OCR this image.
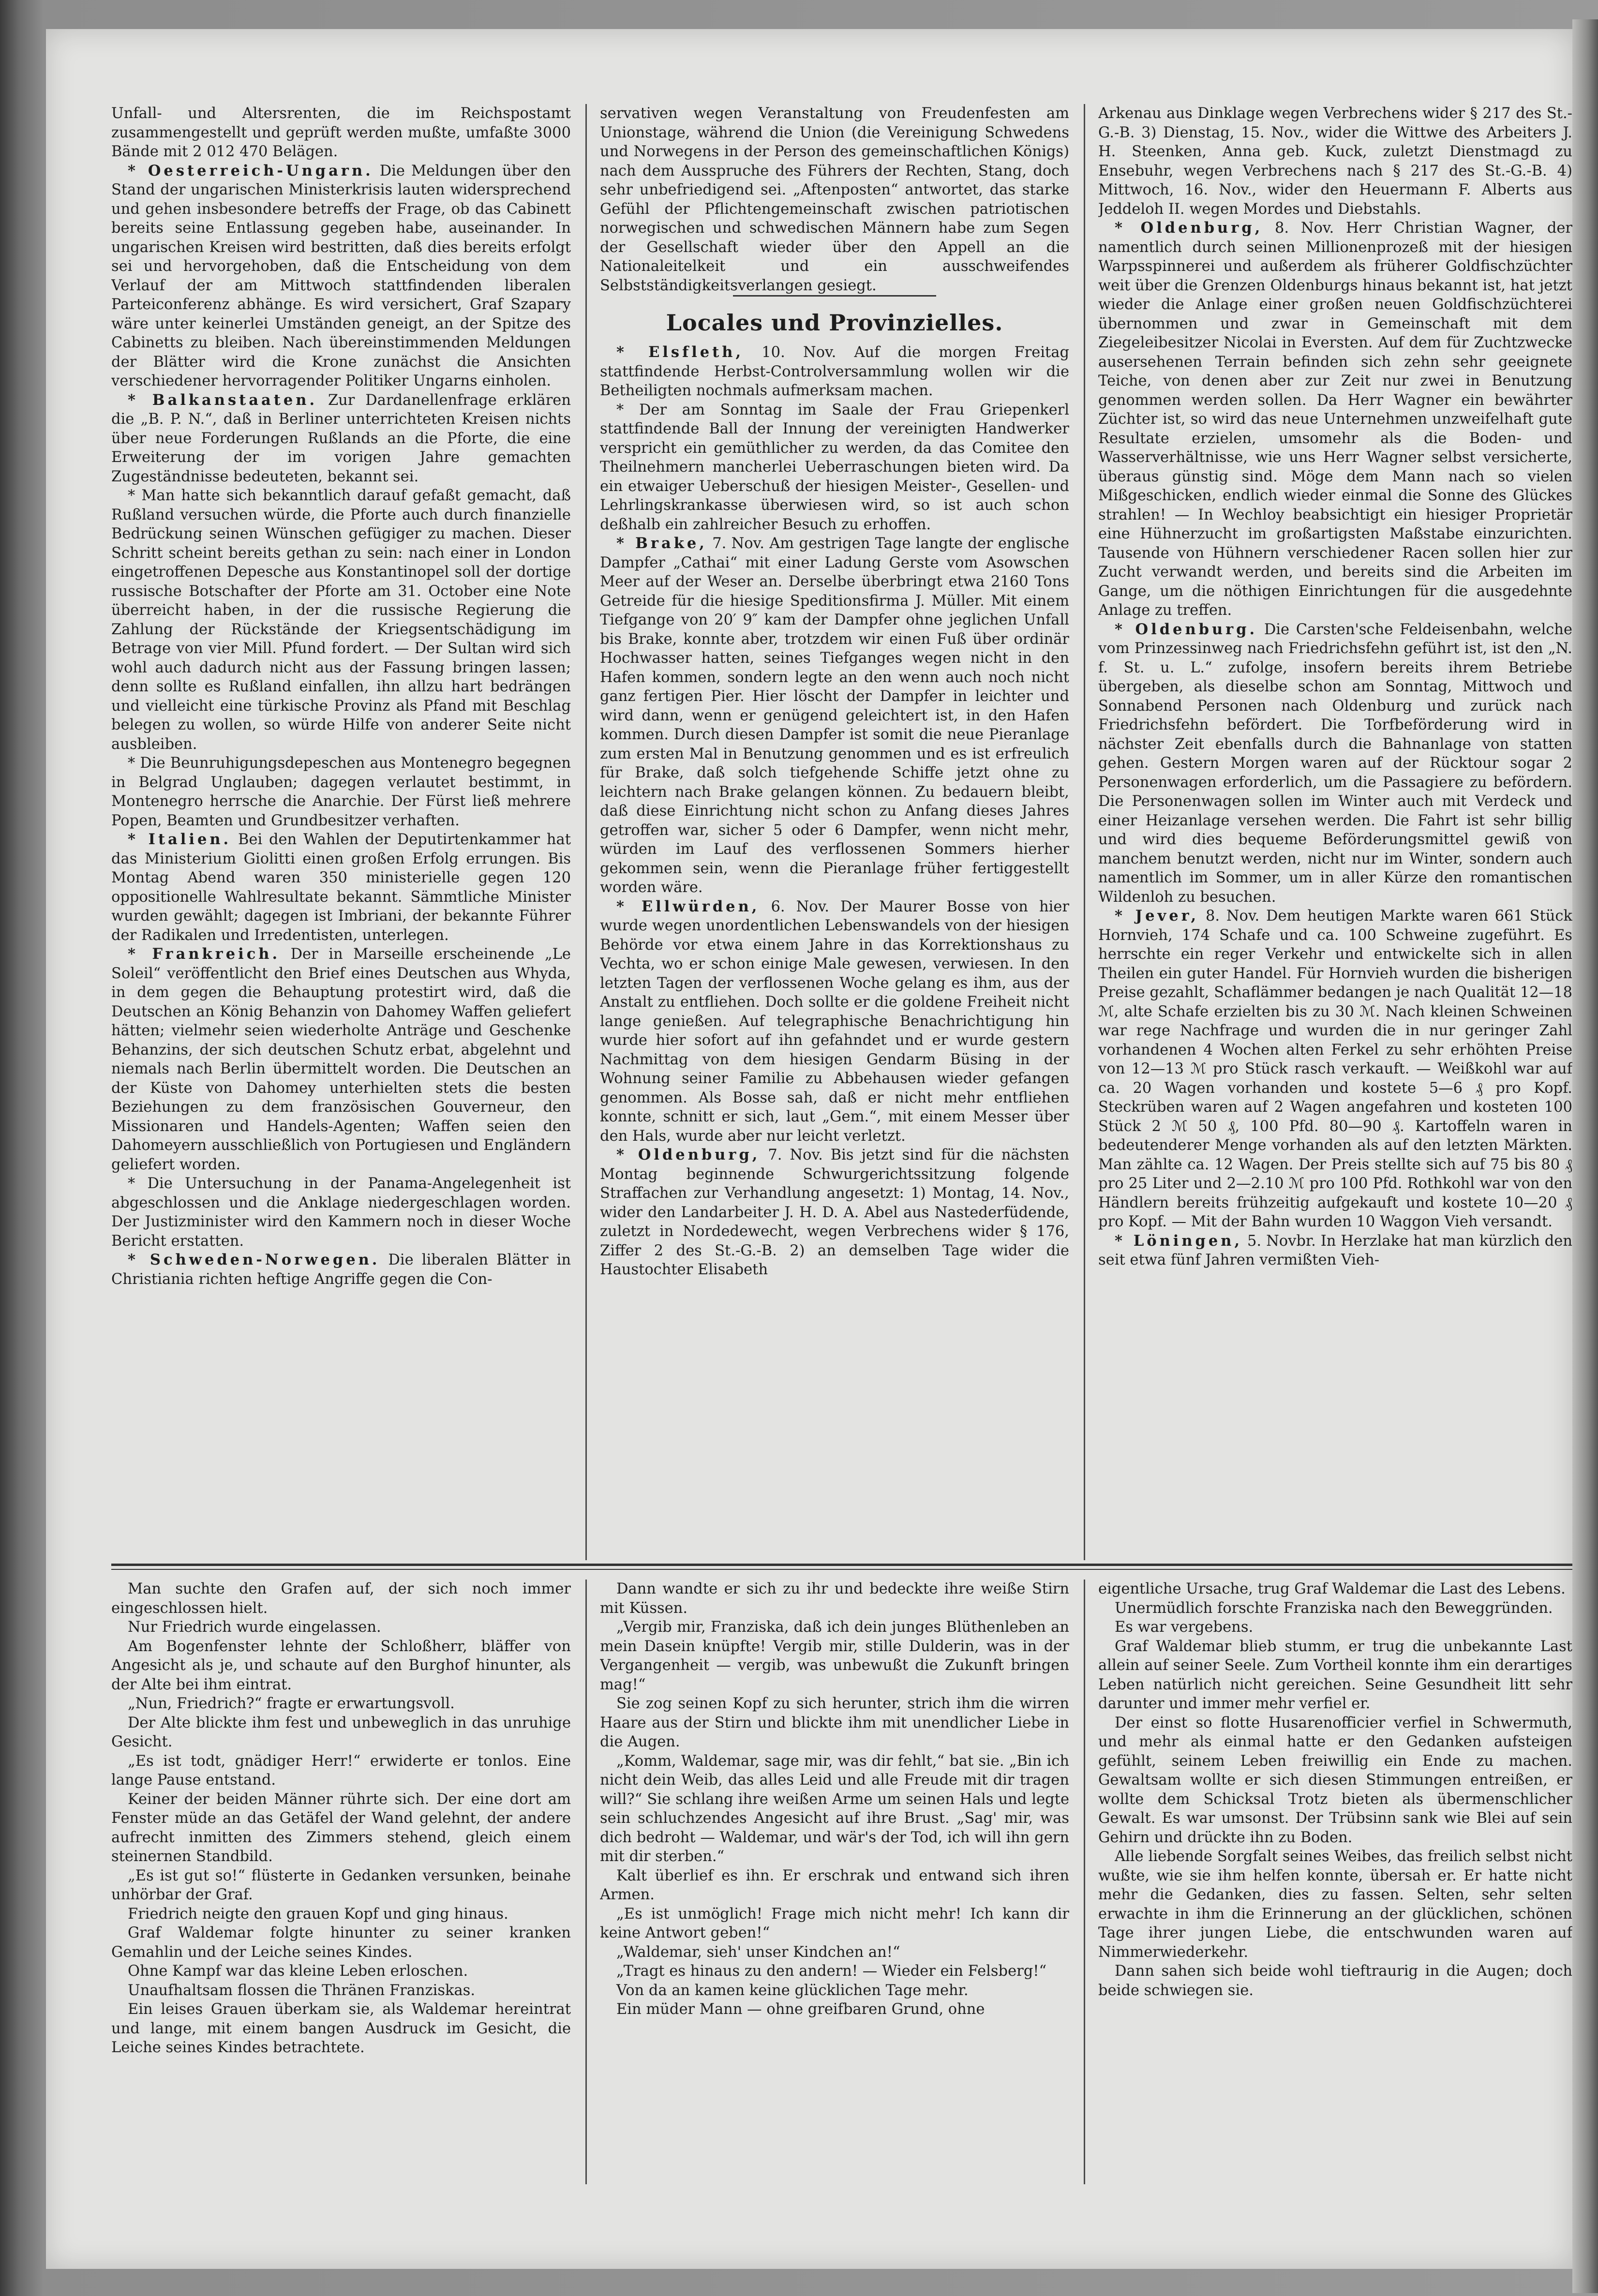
Unfall- und Altersrenten, die im Reichspostamt zusammengestellt und geprüft werden mußte, umfaßte 3000 Bände mit 2 012 470 Belägen.

* Oesterreich-Ungarn. Die Meldungen über den Stand der ungarischen Ministerkrisis lauten widersprechend und gehen insbesondere betreffs der Frage, ob das Cabinett bereits seine Entlassung gegeben habe, auseinander. In ungarischen Kreisen wird bestritten, daß dies bereits erfolgt sei und hervorgehoben, daß die Entscheidung von dem Verlauf der am Mittwoch stattfindenden liberalen Parteiconferenz abhänge. Es wird versichert, Graf Szapary wäre unter keinerlei Umständen geneigt, an der Spitze des Cabinetts zu bleiben. Nach übereinstimmenden Meldungen der Blätter wird die Krone zunächst die Ansichten verschiedener hervorragender Politiker Ungarns einholen.

* Balkanstaaten. Zur Dardanellenfrage erklären die „B. P. N.“, daß in Berliner unterrichteten Kreisen nichts über neue Forderungen Rußlands an die Pforte, die eine Erweiterung der im vorigen Jahre gemachten Zugeständnisse bedeuteten, bekannt sei.

* Man hatte sich bekanntlich darauf gefaßt gemacht, daß Rußland versuchen würde, die Pforte auch durch finanzielle Bedrückung seinen Wünschen gefügiger zu machen. Dieser Schritt scheint bereits gethan zu sein: nach einer in London eingetroffenen Depesche aus Konstantinopel soll der dortige russische Botschafter der Pforte am 31. October eine Note überreicht haben, in der die russische Regierung die Zahlung der Rückstände der Kriegsentschädigung im Betrage von vier Mill. Pfund fordert. — Der Sultan wird sich wohl auch dadurch nicht aus der Fassung bringen lassen; denn sollte es Rußland einfallen, ihn allzu hart bedrängen und vielleicht eine türkische Provinz als Pfand mit Beschlag belegen zu wollen, so würde Hilfe von anderer Seite nicht ausbleiben.

* Die Beunruhigungsdepeschen aus Montenegro begegnen in Belgrad Unglauben; dagegen verlautet bestimmt, in Montenegro herrsche die Anarchie. Der Fürst ließ mehrere Popen, Beamten und Grundbesitzer verhaften.

* Italien. Bei den Wahlen der Deputirtenkammer hat das Ministerium Giolitti einen großen Erfolg errungen. Bis Montag Abend waren 350 ministerielle gegen 120 oppositionelle Wahlresultate bekannt. Sämmtliche Minister wurden gewählt; dagegen ist Imbriani, der bekannte Führer der Radikalen und Irredentisten, unterlegen.

* Frankreich. Der in Marseille erscheinende „Le Soleil“ veröffentlicht den Brief eines Deutschen aus Whyda, in dem gegen die Behauptung protestirt wird, daß die Deutschen an König Behanzin von Dahomey Waffen geliefert hätten; vielmehr seien wiederholte Anträge und Geschenke Behanzins, der sich deutschen Schutz erbat, abgelehnt und niemals nach Berlin übermittelt worden. Die Deutschen an der Küste von Dahomey unterhielten stets die besten Beziehungen zu dem französischen Gouverneur, den Missionaren und Handels-Agenten; Waffen seien den Dahomeyern ausschließlich von Portugiesen und Engländern geliefert worden.

* Die Untersuchung in der Panama-Angelegenheit ist abgeschlossen und die Anklage niedergeschlagen worden. Der Justizminister wird den Kammern noch in dieser Woche Bericht erstatten.

* Schweden-Norwegen. Die liberalen Blätter in Christiania richten heftige Angriffe gegen die Con-

servativen wegen Veranstaltung von Freudenfesten am Unionstage, während die Union (die Vereinigung Schwedens und Norwegens in der Person des gemeinschaftlichen Königs) nach dem Ausspruche des Führers der Rechten, Stang, doch sehr unbefriedigend sei. „Aftenposten“ antwortet, das starke Gefühl der Pflichtengemeinschaft zwischen patriotischen norwegischen und schwedischen Männern habe zum Segen der Gesellschaft wieder über den Appell an die Nationaleitelkeit und ein ausschweifendes Selbstständigkeitsverlangen gesiegt.

Locales und Provinzielles.

* Elsfleth, 10. Nov. Auf die morgen Freitag stattfindende Herbst-Controlversammlung wollen wir die Betheiligten nochmals aufmerksam machen.

* Der am Sonntag im Saale der Frau Griepenkerl stattfindende Ball der Innung der vereinigten Handwerker verspricht ein gemüthlicher zu werden, da das Comitee den Theilnehmern mancherlei Ueberraschungen bieten wird. Da ein etwaiger Ueberschuß der hiesigen Meister-, Gesellen- und Lehrlingskrankasse überwiesen wird, so ist auch schon deßhalb ein zahlreicher Besuch zu erhoffen.

* Brake, 7. Nov. Am gestrigen Tage langte der englische Dampfer „Cathai“ mit einer Ladung Gerste vom Asowschen Meer auf der Weser an. Derselbe überbringt etwa 2160 Tons Getreide für die hiesige Speditionsfirma J. Müller. Mit einem Tiefgange von 20′ 9″ kam der Dampfer ohne jeglichen Unfall bis Brake, konnte aber, trotzdem wir einen Fuß über ordinär Hochwasser hatten, seines Tiefganges wegen nicht in den Hafen kommen, sondern legte an den wenn auch noch nicht ganz fertigen Pier. Hier löscht der Dampfer in leichter und wird dann, wenn er genügend geleichtert ist, in den Hafen kommen. Durch diesen Dampfer ist somit die neue Pieranlage zum ersten Mal in Benutzung genommen und es ist erfreulich für Brake, daß solch tiefgehende Schiffe jetzt ohne zu leichtern nach Brake gelangen können. Zu bedauern bleibt, daß diese Einrichtung nicht schon zu Anfang dieses Jahres getroffen war, sicher 5 oder 6 Dampfer, wenn nicht mehr, würden im Lauf des verflossenen Sommers hierher gekommen sein, wenn die Pieranlage früher fertiggestellt worden wäre.

* Ellwürden, 6. Nov. Der Maurer Bosse von hier wurde wegen unordentlichen Lebenswandels von der hiesigen Behörde vor etwa einem Jahre in das Korrektionshaus zu Vechta, wo er schon einige Male gewesen, verwiesen. In den letzten Tagen der verflossenen Woche gelang es ihm, aus der Anstalt zu entfliehen. Doch sollte er die goldene Freiheit nicht lange genießen. Auf telegraphische Benachrichtigung hin wurde hier sofort auf ihn gefahndet und er wurde gestern Nachmittag von dem hiesigen Gendarm Büsing in der Wohnung seiner Familie zu Abbehausen wieder gefangen genommen. Als Bosse sah, daß er nicht mehr entfliehen konnte, schnitt er sich, laut „Gem.“, mit einem Messer über den Hals, wurde aber nur leicht verletzt.

* Oldenburg, 7. Nov. Bis jetzt sind für die nächsten Montag beginnende Schwurgerichtssitzung folgende Straffachen zur Verhandlung angesetzt: 1) Montag, 14. Nov., wider den Landarbeiter J. H. D. A. Abel aus Nastederfüdende, zuletzt in Nordedewecht, wegen Verbrechens wider § 176, Ziffer 2 des St.-G.-B. 2) an demselben Tage wider die Haustochter Elisabeth

Arkenau aus Dinklage wegen Verbrechens wider § 217 des St.-G.-B. 3) Dienstag, 15. Nov., wider die Wittwe des Arbeiters J. H. Steenken, Anna geb. Kuck, zuletzt Dienstmagd zu Ensebuhr, wegen Verbrechens nach § 217 des St.-G.-B. 4) Mittwoch, 16. Nov., wider den Heuermann F. Alberts aus Jeddeloh II. wegen Mordes und Diebstahls.

* Oldenburg, 8. Nov. Herr Christian Wagner, der namentlich durch seinen Millionenprozeß mit der hiesigen Warpsspinnerei und außerdem als früherer Goldfischzüchter weit über die Grenzen Oldenburgs hinaus bekannt ist, hat jetzt wieder die Anlage einer großen neuen Goldfischzüchterei übernommen und zwar in Gemeinschaft mit dem Ziegeleibesitzer Nicolai in Eversten. Auf dem für Zuchtzwecke ausersehenen Terrain befinden sich zehn sehr geeignete Teiche, von denen aber zur Zeit nur zwei in Benutzung genommen werden sollen. Da Herr Wagner ein bewährter Züchter ist, so wird das neue Unternehmen unzweifelhaft gute Resultate erzielen, umsomehr als die Boden- und Wasserverhältnisse, wie uns Herr Wagner selbst versicherte, überaus günstig sind. Möge dem Mann nach so vielen Mißgeschicken, endlich wieder einmal die Sonne des Glückes strahlen! — In Wechloy beabsichtigt ein hiesiger Proprietär eine Hühnerzucht im großartigsten Maßstabe einzurichten. Tausende von Hühnern verschiedener Racen sollen hier zur Zucht verwandt werden, und bereits sind die Arbeiten im Gange, um die nöthigen Einrichtungen für die ausgedehnte Anlage zu treffen.

* Oldenburg. Die Carsten'sche Feldeisenbahn, welche vom Prinzessinweg nach Friedrichsfehn geführt ist, ist den „N. f. St. u. L.“ zufolge, insofern bereits ihrem Betriebe übergeben, als dieselbe schon am Sonntag, Mittwoch und Sonnabend Personen nach Oldenburg und zurück nach Friedrichsfehn befördert. Die Torfbeförderung wird in nächster Zeit ebenfalls durch die Bahnanlage von statten gehen. Gestern Morgen waren auf der Rücktour sogar 2 Personenwagen erforderlich, um die Passagiere zu befördern. Die Personenwagen sollen im Winter auch mit Verdeck und einer Heizanlage versehen werden. Die Fahrt ist sehr billig und wird dies bequeme Beförderungsmittel gewiß von manchem benutzt werden, nicht nur im Winter, sondern auch namentlich im Sommer, um in aller Kürze den romantischen Wildenloh zu besuchen.

* Jever, 8. Nov. Dem heutigen Markte waren 661 Stück Hornvieh, 174 Schafe und ca. 100 Schweine zugeführt. Es herrschte ein reger Verkehr und entwickelte sich in allen Theilen ein guter Handel. Für Hornvieh wurden die bisherigen Preise gezahlt, Schaflämmer bedangen je nach Qualität 12—18 ℳ, alte Schafe erzielten bis zu 30 ℳ. Nach kleinen Schweinen war rege Nachfrage und wurden die in nur geringer Zahl vorhandenen 4 Wochen alten Ferkel zu sehr erhöhten Preise von 12—13 ℳ pro Stück rasch verkauft. — Weißkohl war auf ca. 20 Wagen vorhanden und kostete 5—6 ₰ pro Kopf. Steckrüben waren auf 2 Wagen angefahren und kosteten 100 Stück 2 ℳ 50 ₰, 100 Pfd. 80—90 ₰. Kartoffeln waren in bedeutenderer Menge vorhanden als auf den letzten Märkten. Man zählte ca. 12 Wagen. Der Preis stellte sich auf 75 bis 80 ₰ pro 25 Liter und 2—2.10 ℳ pro 100 Pfd. Rothkohl war von den Händlern bereits frühzeitig aufgekauft und kostete 10—20 ₰ pro Kopf. — Mit der Bahn wurden 10 Waggon Vieh versandt.

* Löningen, 5. Novbr. In Herzlake hat man kürzlich den seit etwa fünf Jahren vermißten Vieh-

Man suchte den Grafen auf, der sich noch immer eingeschlossen hielt.

Nur Friedrich wurde eingelassen.

Am Bogenfenster lehnte der Schloßherr, bläffer von Angesicht als je, und schaute auf den Burghof hinunter, als der Alte bei ihm eintrat.

„Nun, Friedrich?“ fragte er erwartungsvoll.

Der Alte blickte ihm fest und unbeweglich in das unruhige Gesicht.

„Es ist todt, gnädiger Herr!“ erwiderte er tonlos. Eine lange Pause entstand.

Keiner der beiden Männer rührte sich. Der eine dort am Fenster müde an das Getäfel der Wand gelehnt, der andere aufrecht inmitten des Zimmers stehend, gleich einem steinernen Standbild.

„Es ist gut so!“ flüsterte in Gedanken versunken, beinahe unhörbar der Graf.

Friedrich neigte den grauen Kopf und ging hinaus.

Graf Waldemar folgte hinunter zu seiner kranken Gemahlin und der Leiche seines Kindes.

Ohne Kampf war das kleine Leben erloschen.

Unaufhaltsam flossen die Thränen Franziskas.

Ein leises Grauen überkam sie, als Waldemar hereintrat und lange, mit einem bangen Ausdruck im Gesicht, die Leiche seines Kindes betrachtete.

Dann wandte er sich zu ihr und bedeckte ihre weiße Stirn mit Küssen.

„Vergib mir, Franziska, daß ich dein junges Blüthenleben an mein Dasein knüpfte! Vergib mir, stille Dulderin, was in der Vergangenheit — vergib, was unbewußt die Zukunft bringen mag!“

Sie zog seinen Kopf zu sich herunter, strich ihm die wirren Haare aus der Stirn und blickte ihm mit unendlicher Liebe in die Augen.

„Komm, Waldemar, sage mir, was dir fehlt,“ bat sie. „Bin ich nicht dein Weib, das alles Leid und alle Freude mit dir tragen will?“ Sie schlang ihre weißen Arme um seinen Hals und legte sein schluchzendes Angesicht auf ihre Brust. „Sag' mir, was dich bedroht — Waldemar, und wär's der Tod, ich will ihn gern mit dir sterben.“

Kalt überlief es ihn. Er erschrak und entwand sich ihren Armen.

„Es ist unmöglich! Frage mich nicht mehr! Ich kann dir keine Antwort geben!“

„Waldemar, sieh' unser Kindchen an!“

„Tragt es hinaus zu den andern! — Wieder ein Felsberg!“

Von da an kamen keine glücklichen Tage mehr.

Ein müder Mann — ohne greifbaren Grund, ohne

eigentliche Ursache, trug Graf Waldemar die Last des Lebens.

Unermüdlich forschte Franziska nach den Beweggründen.

Es war vergebens.

Graf Waldemar blieb stumm, er trug die unbekannte Last allein auf seiner Seele. Zum Vortheil konnte ihm ein derartiges Leben natürlich nicht gereichen. Seine Gesundheit litt sehr darunter und immer mehr verfiel er.

Der einst so flotte Husarenofficier verfiel in Schwermuth, und mehr als einmal hatte er den Gedanken aufsteigen gefühlt, seinem Leben freiwillig ein Ende zu machen. Gewaltsam wollte er sich diesen Stimmungen entreißen, er wollte dem Schicksal Trotz bieten als übermenschlicher Gewalt. Es war umsonst. Der Trübsinn sank wie Blei auf sein Gehirn und drückte ihn zu Boden.

Alle liebende Sorgfalt seines Weibes, das freilich selbst nicht wußte, wie sie ihm helfen konnte, übersah er. Er hatte nicht mehr die Gedanken, dies zu fassen. Selten, sehr selten erwachte in ihm die Erinnerung an der glücklichen, schönen Tage ihrer jungen Liebe, die entschwunden waren auf Nimmerwiederkehr.

Dann sahen sich beide wohl tieftraurig in die Augen; doch beide schwiegen sie.
